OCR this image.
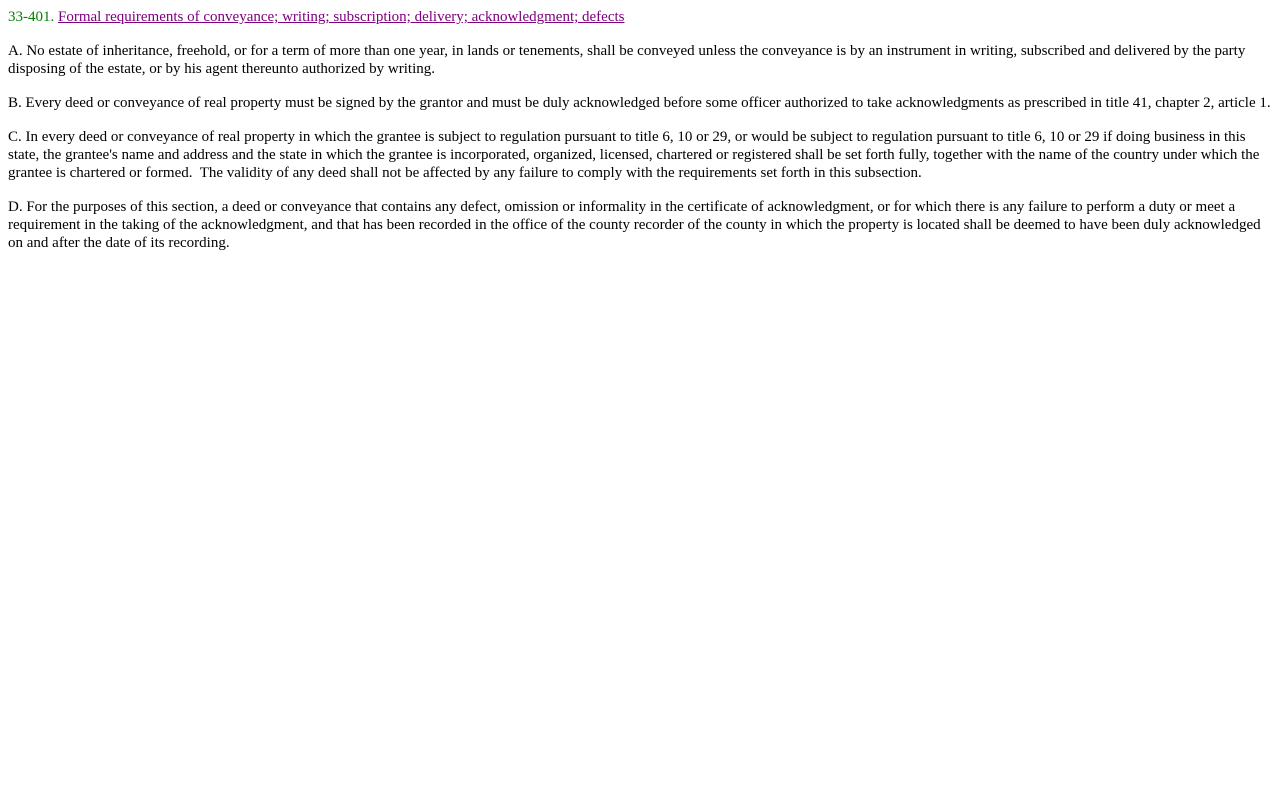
33-401. Formal requirements of conveyance; writing; subscription; delivery; acknowledgment; defects

A. No estate of inheritance, freehold, or for a term of more than one year, in lands or tenements, shall be conveyed unless the conveyance is by an instrument in writing, subscribed and delivered by the party disposing of the estate, or by his agent thereunto authorized by writing.

B. Every deed or conveyance of real property must be signed by the grantor and must be duly acknowledged before some officer authorized to take acknowledgments as prescribed in title 41, chapter 2, article 1.

C. In every deed or conveyance of real property in which the grantee is subject to regulation pursuant to title 6, 10 or 29, or would be subject to regulation pursuant to title 6, 10 or 29 if doing business in this state, the grantee's name and address and the state in which the grantee is incorporated, organized, licensed, chartered or registered shall be set forth fully, together with the name of the country under which the grantee is chartered or formed.  The validity of any deed shall not be affected by any failure to comply with the requirements set forth in this subsection.

D. For the purposes of this section, a deed or conveyance that contains any defect, omission or informality in the certificate of acknowledgment, or for which there is any failure to perform a duty or meet a requirement in the taking of the acknowledgment, and that has been recorded in the office of the county recorder of the county in which the property is located shall be deemed to have been duly acknowledged on and after the date of its recording.
